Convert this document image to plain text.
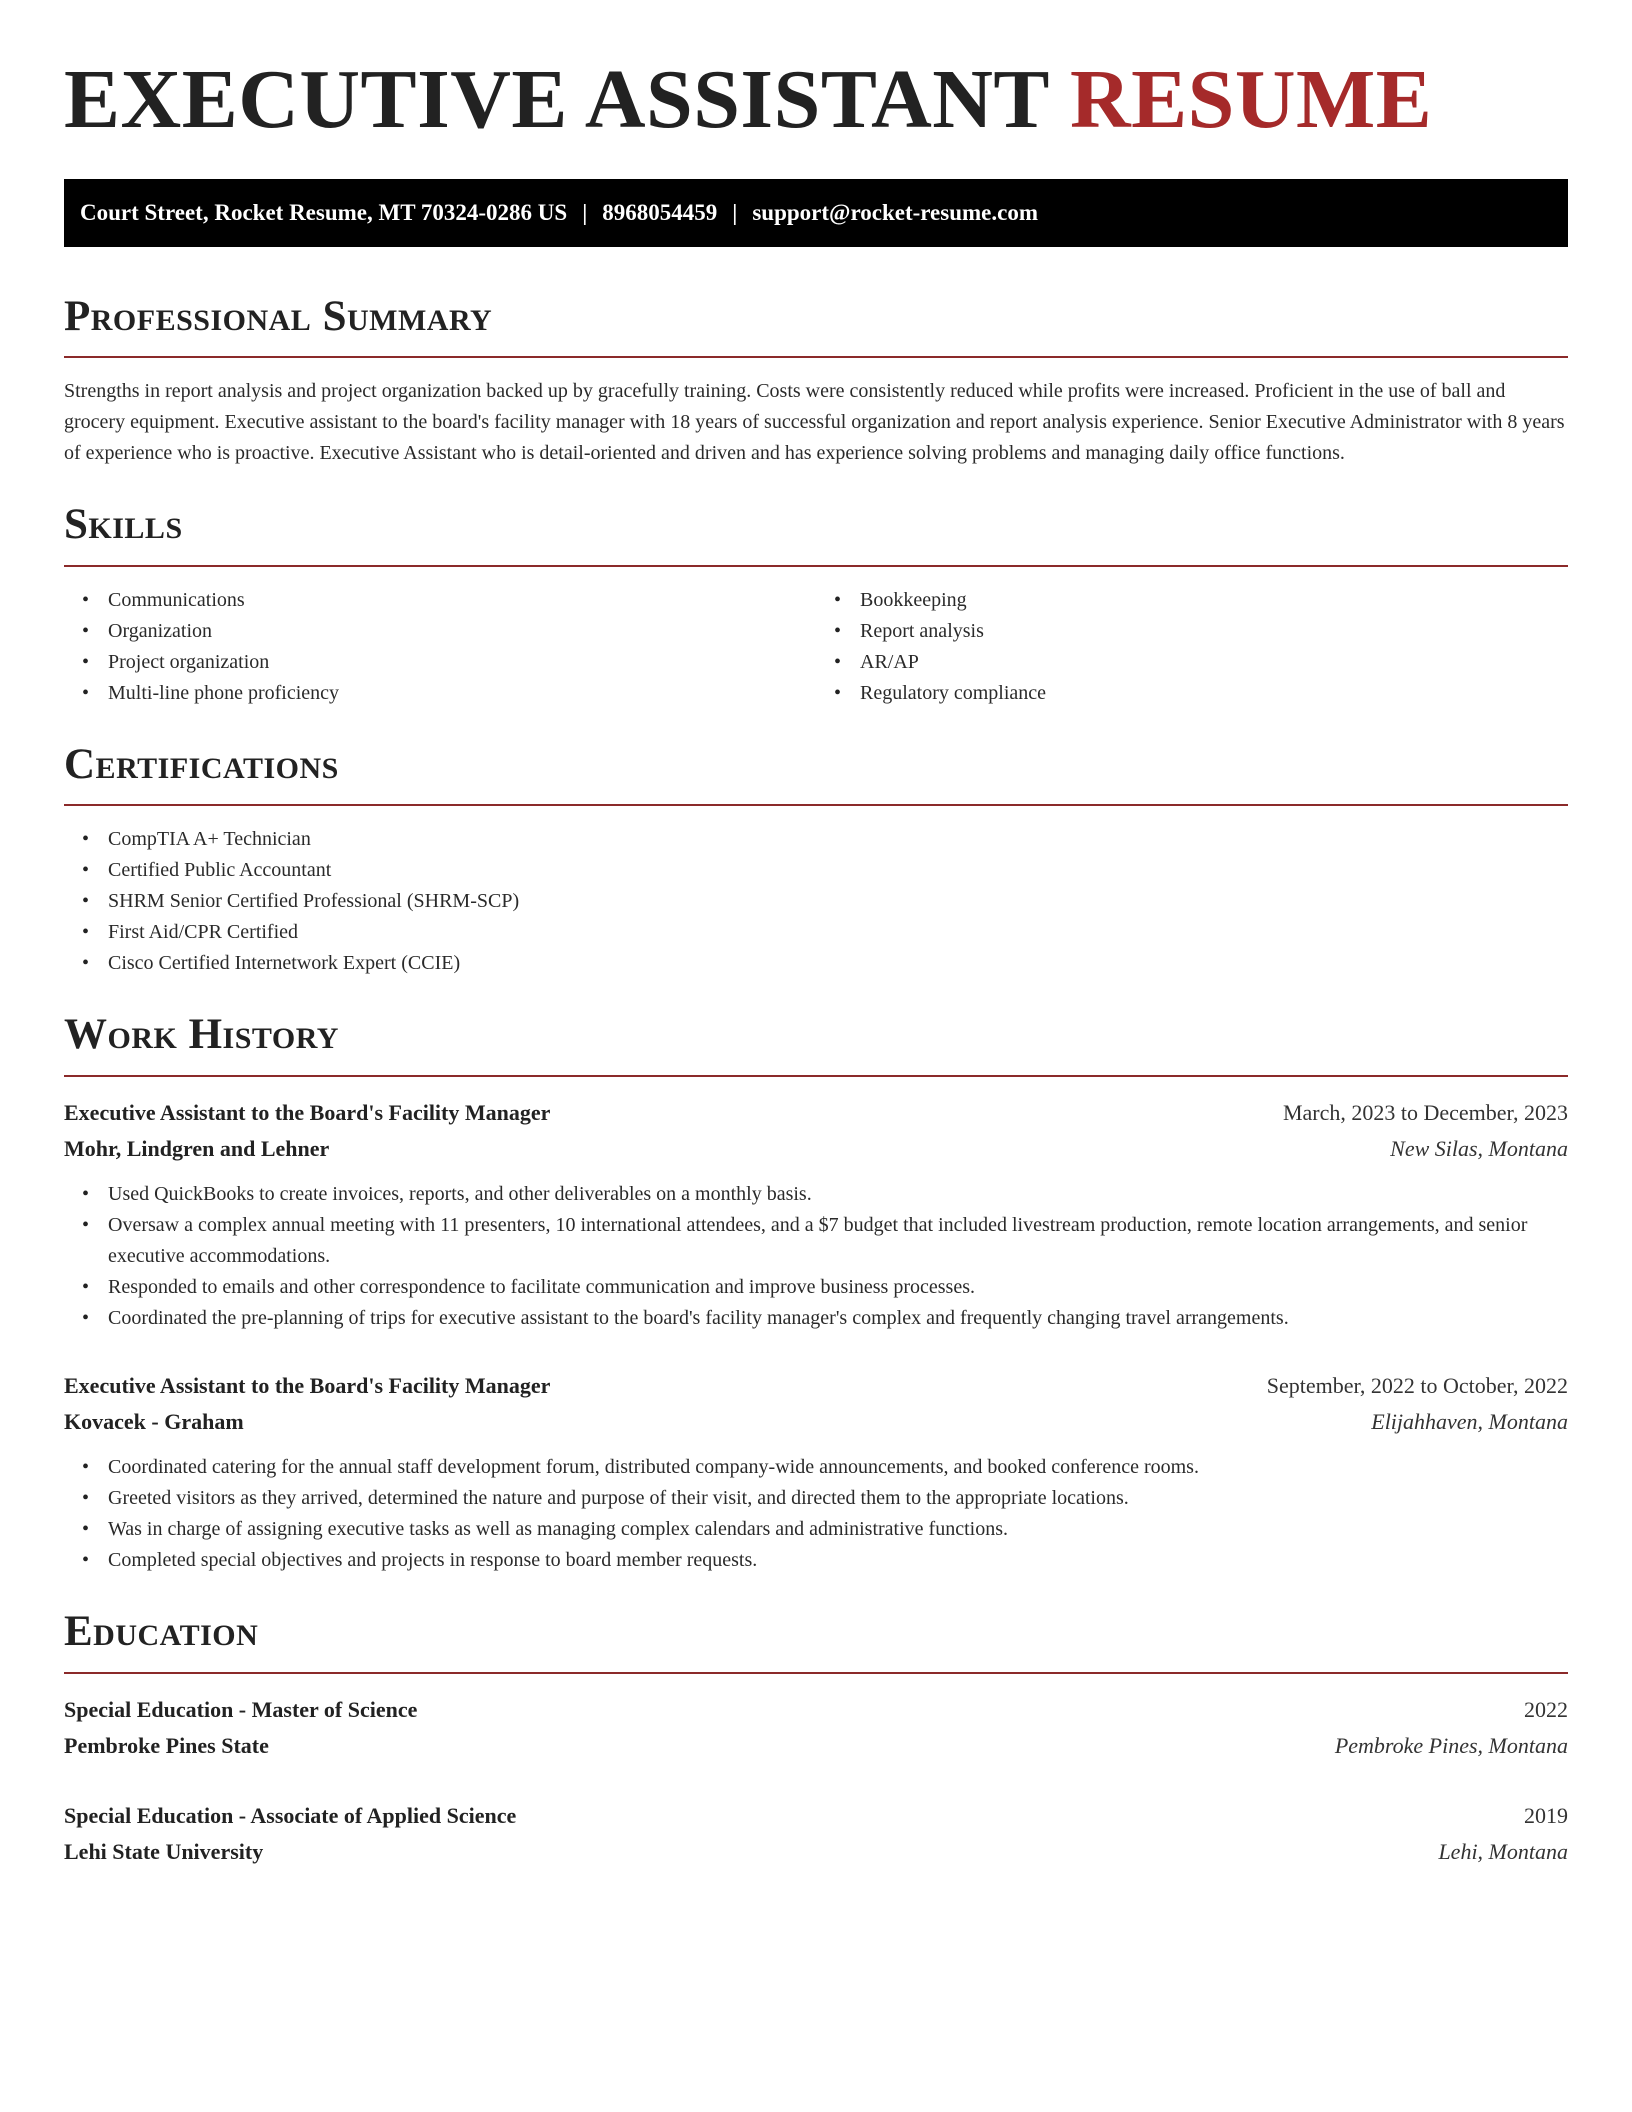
EXECUTIVE ASSISTANT RESUME
Court Street, Rocket Resume, MT 70324-0286 US | 8968054459 | support@rocket-resume.com
Professional Summary

Strengths in report analysis and project organization backed up by gracefully training. Costs were consistently reduced while profits were increased. Proficient in the use of ball and grocery equipment. Executive assistant to the board's facility manager with 18 years of successful organization and report analysis experience. Senior Executive Administrator with 8 years of experience who is proactive. Executive Assistant who is detail-oriented and driven and has experience solving problems and managing daily office functions.

Skills
• Communications
• Organization
• Project organization
• Multi-line phone proficiency
• Bookkeeping
• Report analysis
• AR/AP
• Regulatory compliance
Certifications
• CompTIA A+ Technician
• Certified Public Accountant
• SHRM Senior Certified Professional (SHRM-SCP)
• First Aid/CPR Certified
• Cisco Certified Internetwork Expert (CCIE)
Work History
Executive Assistant to the Board's Facility Manager	March, 2023 to December, 2023
Mohr, Lindgren and Lehner	New Silas, Montana
• Used QuickBooks to create invoices, reports, and other deliverables on a monthly basis.
• Oversaw a complex annual meeting with 11 presenters, 10 international attendees, and a $7 budget that included livestream production, remote location arrangements, and senior executive accommodations.
• Responded to emails and other correspondence to facilitate communication and improve business processes.
• Coordinated the pre-planning of trips for executive assistant to the board's facility manager's complex and frequently changing travel arrangements.
Executive Assistant to the Board's Facility Manager	September, 2022 to October, 2022
Kovacek - Graham	Elijahhaven, Montana
• Coordinated catering for the annual staff development forum, distributed company-wide announcements, and booked conference rooms.
• Greeted visitors as they arrived, determined the nature and purpose of their visit, and directed them to the appropriate locations.
• Was in charge of assigning executive tasks as well as managing complex calendars and administrative functions.
• Completed special objectives and projects in response to board member requests.
Education
Special Education - Master of Science	2022
Pembroke Pines State	Pembroke Pines, Montana
Special Education - Associate of Applied Science	2019
Lehi State University	Lehi, Montana
